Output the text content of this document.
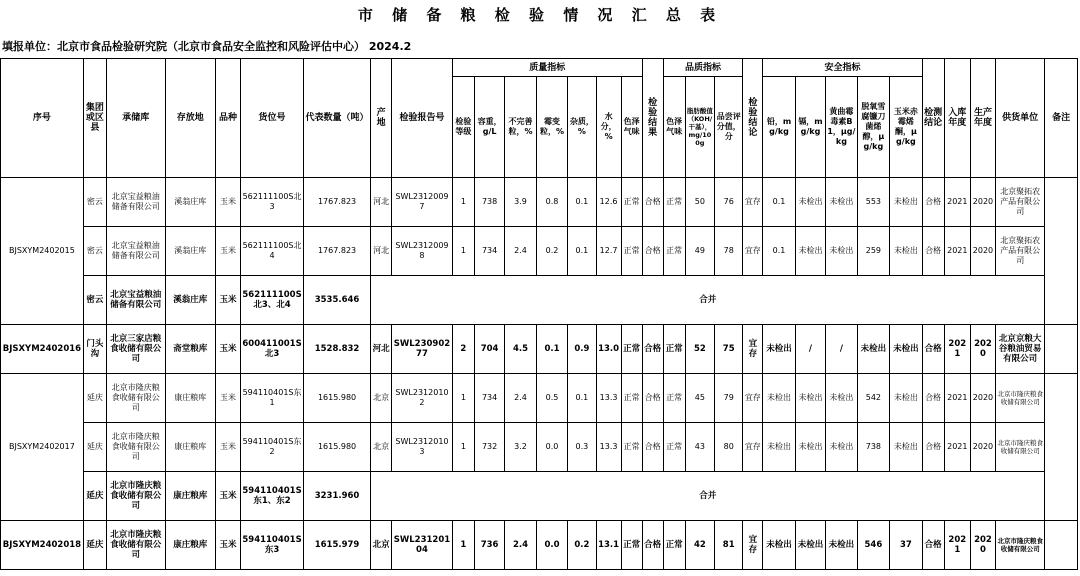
市 储 备 粮 检 验 情 况 汇 总 表
填报单位：北京市食品检验研究院（北京市食品安全监控和风险评估中心） 2024.2
序号	集团或区县	承储库	存放地	品种	货位号	代表数量（吨）	产地	检验报告号	质量指标							检验结果	品质指标			检验结论	安全指标					检测结论	入库年度	生产年度	供货单位	备注
									检验等级	容重，g/L	不完善粒，%	霉变粒，%	杂质，%	水分，%	色泽气味		色泽气味	脂肪酸值（KOH/干基），mg/100g	品尝评分值，分		铅，mg/kg	镉，mg/kg	黄曲霉毒素B1，μg/kg	脱氧雪腐镰刀菌烯醇，μg/kg	玉米赤霉烯酮，μg/kg					
	密云	北京宝益粮油储备有限公司	溪翁庄库	玉米	562111100S北3	1767.823	河北	SWL23120097	1	738	3.9	0.8	0.1	12.6	正常	合格	正常	50	76	宜存	0.1	未检出	未检出	553	未检出	合格	2021	2020	北京聚拓农产品有限公司	
BJSXYM2402015	密云	北京宝益粮油储备有限公司	溪翁庄库	玉米	562111100S北4	1767.823	河北	SWL23120098	1	734	2.4	0.2	0.1	12.7	正常	合格	正常	49	78	宜存	0.1	未检出	未检出	259	未检出	合格	2021	2020	北京聚拓农产品有限公司	
	密云	北京宝益粮油储备有限公司	溪翁庄库	玉米	562111100S 北3、北4	3535.646	合并																							
BJSXYM2402016	门头沟	北京三家店粮食收储有限公司	斋堂粮库	玉米	600411001S 北3	1528.832	河北	SWL23090277	2	704	4.5	0.1	0.9	13.0	正常	合格	正常	52	75	宜存	未检出	/	/	未检出	未检出	合格	2021	2020	北京京粮大谷粮油贸易有限公司	
	延庆	北京市隆庆粮食收储有限公司	康庄粮库	玉米	594110401S东1	1615.980	北京	SWL23120102	1	734	2.4	0.5	0.1	13.3	正常	合格	正常	45	79	宜存	未检出	未检出	未检出	542	未检出	合格	2021	2020	北京市隆庆粮食收储有限公司	
BJSXYM2402017	延庆	北京市隆庆粮食收储有限公司	康庄粮库	玉米	594110401S东2	1615.980	北京	SWL23120103	1	732	3.2	0.0	0.3	13.3	正常	合格	正常	43	80	宜存	未检出	未检出	未检出	738	未检出	合格	2021	2020	北京市隆庆粮食收储有限公司	
	延庆	北京市隆庆粮食收储有限公司	康庄粮库	玉米	594110401S 东1、东2	3231.960	合并																							
BJSXYM2402018	延庆	北京市隆庆粮食收储有限公司	康庄粮库	玉米	594110401S 东3	1615.979	北京	SWL23120104	1	736	2.4	0.0	0.2	13.1	正常	合格	正常	42	81	宜存	未检出	未检出	未检出	546	37	合格	2021	2020	北京市隆庆粮食收储有限公司	
